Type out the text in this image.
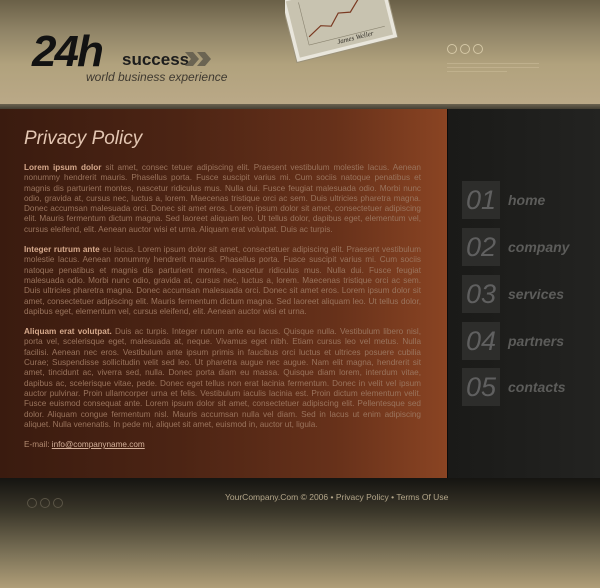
24h success
world business experience
James Weller
Privacy Policy

Lorem ipsum dolor sit amet, consec tetuer adipiscing elit. Praesent vestibulum molestie lacus. Aenean nonummy hendrerit mauris. Phasellus porta. Fusce suscipit varius mi. Cum sociis natoque penatibus et magnis dis parturient montes, nascetur ridiculus mus. Nulla dui. Fusce feugiat malesuada odio. Morbi nunc odio, gravida at, cursus nec, luctus a, lorem. Maecenas tristique orci ac sem. Duis ultricies pharetra magna. Donec accumsan malesuada orci. Donec sit amet eros. Lorem ipsum dolor sit amet, consectetuer adipiscing elit. Mauris fermentum dictum magna. Sed laoreet aliquam leo. Ut tellus dolor, dapibus eget, elementum vel, cursus eleifend, elit. Aenean auctor wisi et urna. Aliquam erat volutpat. Duis ac turpis.

Integer rutrum ante eu lacus. Lorem ipsum dolor sit amet, consectetuer adipiscing elit. Praesent vestibulum molestie lacus. Aenean nonummy hendrerit mauris. Phasellus porta. Fusce suscipit varius mi. Cum sociis natoque penatibus et magnis dis parturient montes, nascetur ridiculus mus. Nulla dui. Fusce feugiat malesuada odio. Morbi nunc odio, gravida at, cursus nec, luctus a, lorem. Maecenas tristique orci ac sem. Duis ultricies pharetra magna. Donec accumsan malesuada orci. Donec sit amet eros. Lorem ipsum dolor sit amet, consectetuer adipiscing elit. Mauris fermentum dictum magna. Sed laoreet aliquam leo. Ut tellus dolor, dapibus eget, elementum vel, cursus eleifend, elit. Aenean auctor wisi et urna.

Aliquam erat volutpat. Duis ac turpis. Integer rutrum ante eu lacus. Quisque nulla. Vestibulum libero nisl, porta vel, scelerisque eget, malesuada at, neque. Vivamus eget nibh. Etiam cursus leo vel metus. Nulla facilisi. Aenean nec eros. Vestibulum ante ipsum primis in faucibus orci luctus et ultrices posuere cubilia Curae; Suspendisse sollicitudin velit sed leo. Ut pharetra augue nec augue. Nam elit magna, hendrerit sit amet, tincidunt ac, viverra sed, nulla. Donec porta diam eu massa. Quisque diam lorem, interdum vitae, dapibus ac, scelerisque vitae, pede. Donec eget tellus non erat lacinia fermentum. Donec in velit vel ipsum auctor pulvinar. Proin ullamcorper urna et felis. Vestibulum iaculis lacinia est. Proin dictum elementum velit. Fusce euismod consequat ante. Lorem ipsum dolor sit amet, consectetuer adipiscing elit. Pellentesque sed dolor. Aliquam congue fermentum nisl. Mauris accumsan nulla vel diam. Sed in lacus ut enim adipiscing aliquet. Nulla venenatis. In pede mi, aliquet sit amet, euismod in, auctor ut, ligula.

E-mail: info@companyname.com
01 home
02 company
03 services
04 partners
05 contacts
YourCompany.Com © 2006 • Privacy Policy • Terms Of Use
